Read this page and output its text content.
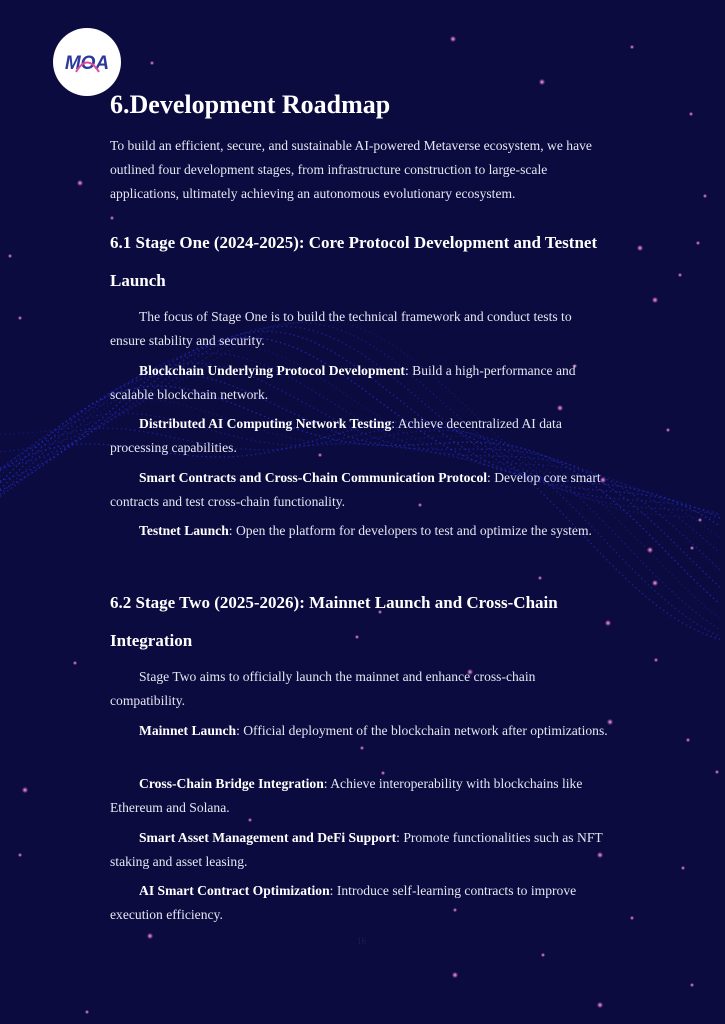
MOA
6.Development Roadmap

To build an efficient, secure, and sustainable AI-powered Metaverse ecosystem, we have outlined four development stages, from infrastructure construction to large-scale applications, ultimately achieving an autonomous evolutionary ecosystem.

6.1 Stage One (2024-2025): Core Protocol Development and Testnet Launch

The focus of Stage One is to build the technical framework and conduct tests to ensure stability and security.

Blockchain Underlying Protocol Development: Build a high-performance and scalable blockchain network.

Distributed AI Computing Network Testing: Achieve decentralized AI data processing capabilities.

Smart Contracts and Cross-Chain Communication Protocol: Develop core smart contracts and test cross-chain functionality.

Testnet Launch: Open the platform for developers to test and optimize the system.

6.2 Stage Two (2025-2026): Mainnet Launch and Cross-Chain Integration

Stage Two aims to officially launch the mainnet and enhance cross-chain compatibility.

Mainnet Launch: Official deployment of the blockchain network after optimizations.

Cross-Chain Bridge Integration: Achieve interoperability with blockchains like Ethereum and Solana.

Smart Asset Management and DeFi Support: Promote functionalities such as NFT staking and asset leasing.

AI Smart Contract Optimization: Introduce self-learning contracts to improve execution efficiency.

16
